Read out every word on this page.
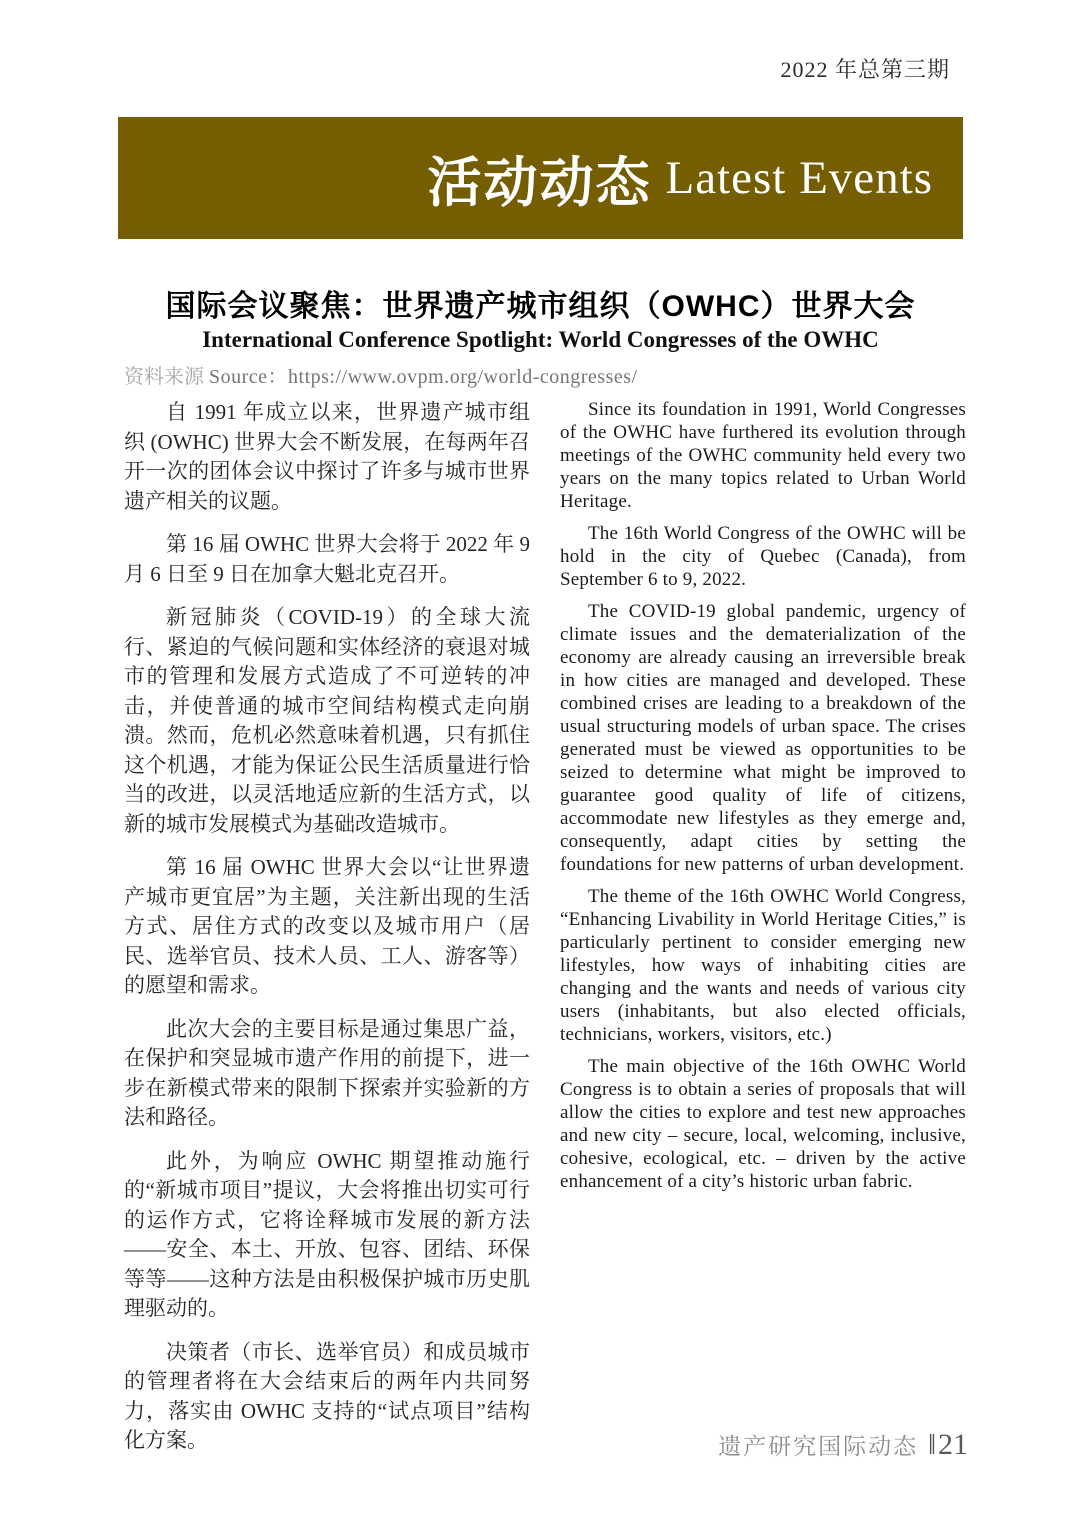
2022 年总第三期
活动动态 Latest Events
国际会议聚焦：世界遗产城市组织（OWHC）世界大会
International Conference Spotlight: World Congresses of the OWHC
资料来源 Source：https://www.ovpm.org/world-congresses/

自 1991 年成立以来，世界遗产城市组织 (OWHC) 世界大会不断发展，在每两年召开一次的团体会议中探讨了许多与城市世界遗产相关的议题。

第 16 届 OWHC 世界大会将于 2022 年 9 月 6 日至 9 日在加拿大魁北克召开。

新冠肺炎（COVID-19）的全球大流行、紧迫的气候问题和实体经济的衰退对城市的管理和发展方式造成了不可逆转的冲击，并使普通的城市空间结构模式走向崩溃。然而，危机必然意味着机遇，只有抓住这个机遇，才能为保证公民生活质量进行恰当的改进，以灵活地适应新的生活方式，以新的城市发展模式为基础改造城市。

第 16 届 OWHC 世界大会以“让世界遗产城市更宜居”为主题，关注新出现的生活方式、居住方式的改变以及城市用户（居民、选举官员、技术人员、工人、游客等）的愿望和需求。

此次大会的主要目标是通过集思广益，在保护和突显城市遗产作用的前提下，进一步在新模式带来的限制下探索并实验新的方法和路径。

此外，为响应 OWHC 期望推动施行的“新城市项目”提议，大会将推出切实可行的运作方式，它将诠释城市发展的新方法——安全、本土、开放、包容、团结、环保等等——这种方法是由积极保护城市历史肌理驱动的。

决策者（市长、选举官员）和成员城市的管理者将在大会结束后的两年内共同努力，落实由 OWHC 支持的“试点项目”结构化方案。

Since its foundation in 1991, World Congresses of the OWHC have furthered its evolution through meetings of the OWHC community held every two years on the many topics related to Urban World Heritage.

The 16th World Congress of the OWHC will be hold in the city of Quebec (Canada), from September 6 to 9, 2022.

The COVID-19 global pandemic, urgency of climate issues and the dematerialization of the economy are already causing an irreversible break in how cities are managed and developed. These combined crises are leading to a breakdown of the usual structuring models of urban space. The crises generated must be viewed as opportunities to be seized to determine what might be improved to guarantee good quality of life of citizens, accommodate new lifestyles as they emerge and, consequently, adapt cities by setting the foundations for new patterns of urban development.

The theme of the 16th OWHC World Congress, “Enhancing Livability in World Heritage Cities,” is particularly pertinent to consider emerging new lifestyles, how ways of inhabiting cities are changing and the wants and needs of various city users (inhabitants, but also elected officials, technicians, workers, visitors, etc.)

The main objective of the 16th OWHC World Congress is to obtain a series of proposals that will allow the cities to explore and test new approaches and new city – secure, local, welcoming, inclusive, cohesive, ecological, etc. – driven by the active enhancement of a city’s historic urban fabric.

遗产研究国际动态 ‖ 21
